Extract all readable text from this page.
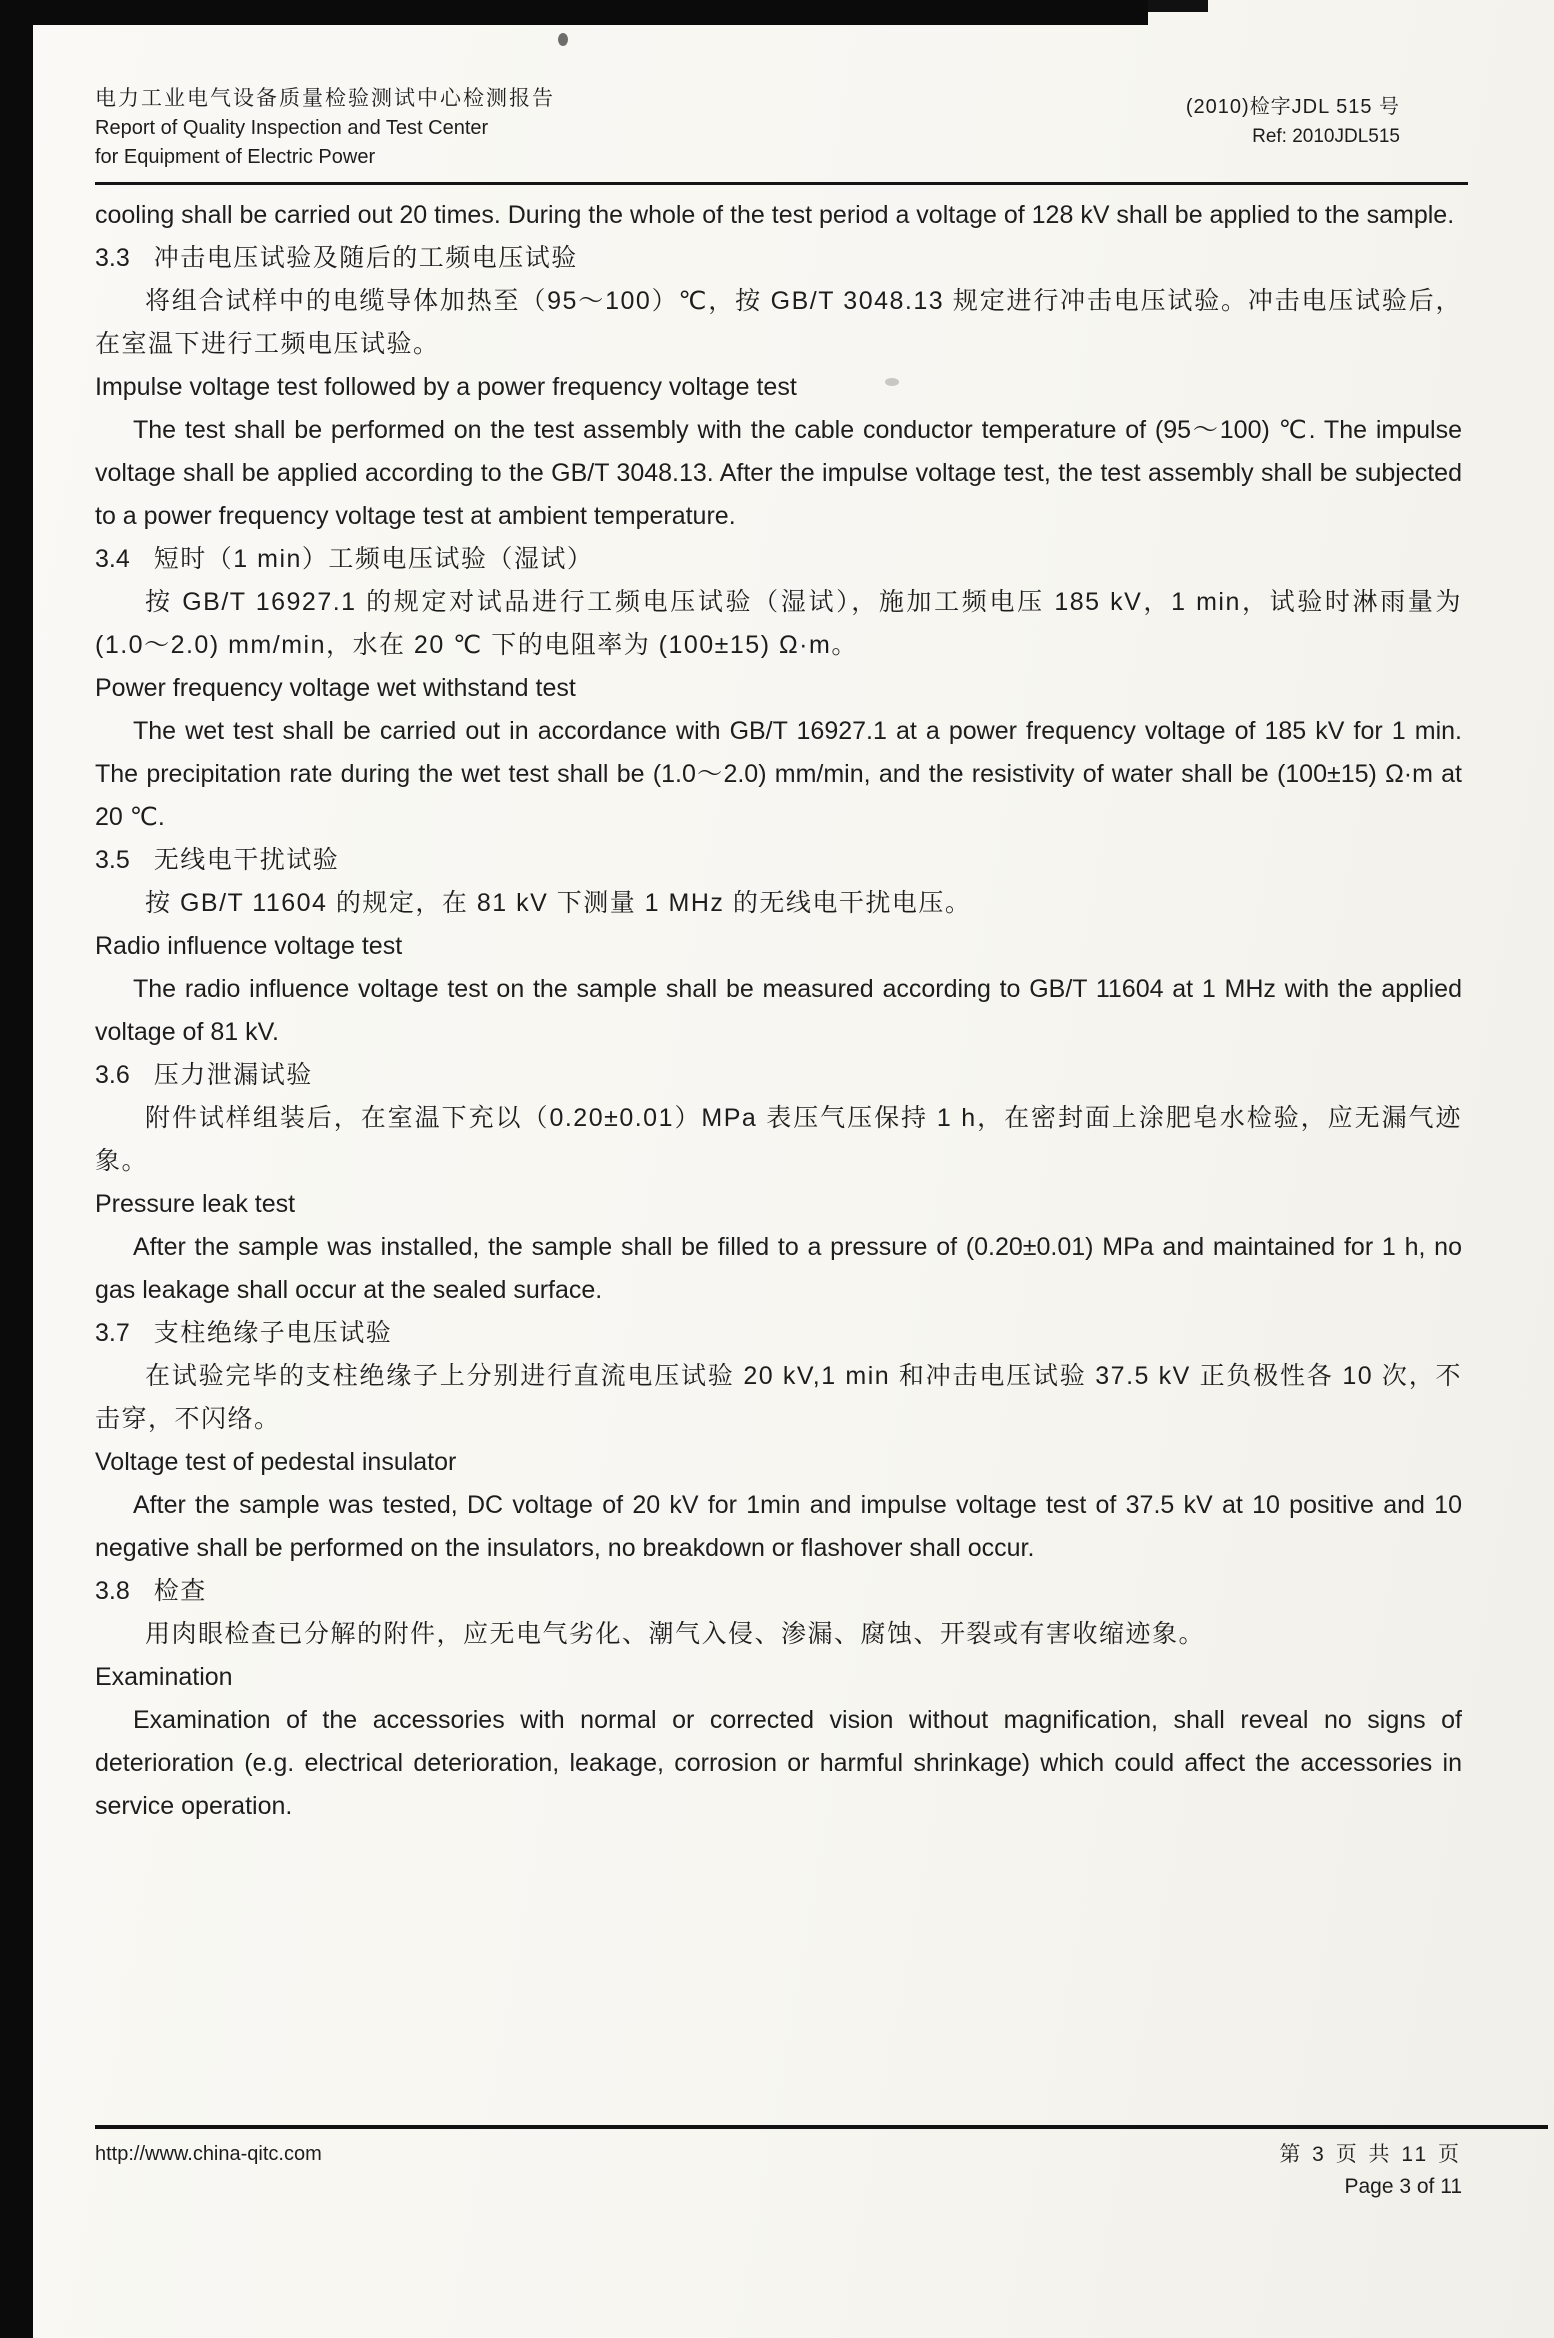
电力工业电气设备质量检验测试中心检测报告
Report of Quality Inspection and Test Center
for Equipment of Electric Power
(2010)检字JDL 515 号
Ref: 2010JDL515

cooling shall be carried out 20 times. During the whole of the test period a voltage of 128 kV shall be applied to the sample.

3.3 冲击电压试验及随后的工频电压试验

将组合试样中的电缆导体加热至（95～100）℃，按 GB/T 3048.13 规定进行冲击电压试验。冲击电压试验后，在室温下进行工频电压试验。

Impulse voltage test followed by a power frequency voltage test

The test shall be performed on the test assembly with the cable conductor temperature of (95～100) ℃. The impulse voltage shall be applied according to the GB/T 3048.13. After the impulse voltage test, the test assembly shall be subjected to a power frequency voltage test at ambient temperature.

3.4 短时（1 min）工频电压试验（湿试）

按 GB/T 16927.1 的规定对试品进行工频电压试验（湿试），施加工频电压 185 kV，1 min，试验时淋雨量为 (1.0～2.0) mm/min，水在 20 ℃ 下的电阻率为 (100±15) Ω·m。

Power frequency voltage wet withstand test

The wet test shall be carried out in accordance with GB/T 16927.1 at a power frequency voltage of 185 kV for 1 min. The precipitation rate during the wet test shall be (1.0～2.0) mm/min, and the resistivity of water shall be (100±15) Ω·m at 20 ℃.

3.5 无线电干扰试验

按 GB/T 11604 的规定，在 81 kV 下测量 1 MHz 的无线电干扰电压。

Radio influence voltage test

The radio influence voltage test on the sample shall be measured according to GB/T 11604 at 1 MHz with the applied voltage of 81 kV.

3.6 压力泄漏试验

附件试样组装后，在室温下充以（0.20±0.01）MPa 表压气压保持 1 h，在密封面上涂肥皂水检验，应无漏气迹象。

Pressure leak test

After the sample was installed, the sample shall be filled to a pressure of (0.20±0.01) MPa and maintained for 1 h, no gas leakage shall occur at the sealed surface.

3.7 支柱绝缘子电压试验

在试验完毕的支柱绝缘子上分别进行直流电压试验 20 kV,1 min 和冲击电压试验 37.5 kV 正负极性各 10 次，不击穿，不闪络。

Voltage test of pedestal insulator

After the sample was tested, DC voltage of 20 kV for 1min and impulse voltage test of 37.5 kV at 10 positive and 10 negative shall be performed on the insulators, no breakdown or flashover shall occur.

3.8 检查

用肉眼检查已分解的附件，应无电气劣化、潮气入侵、渗漏、腐蚀、开裂或有害收缩迹象。

Examination

Examination of the accessories with normal or corrected vision without magnification, shall reveal no signs of deterioration (e.g. electrical deterioration, leakage, corrosion or harmful shrinkage) which could affect the accessories in service operation.

http://www.china-qitc.com	第 3 页 共 11 页
Page 3 of 11
